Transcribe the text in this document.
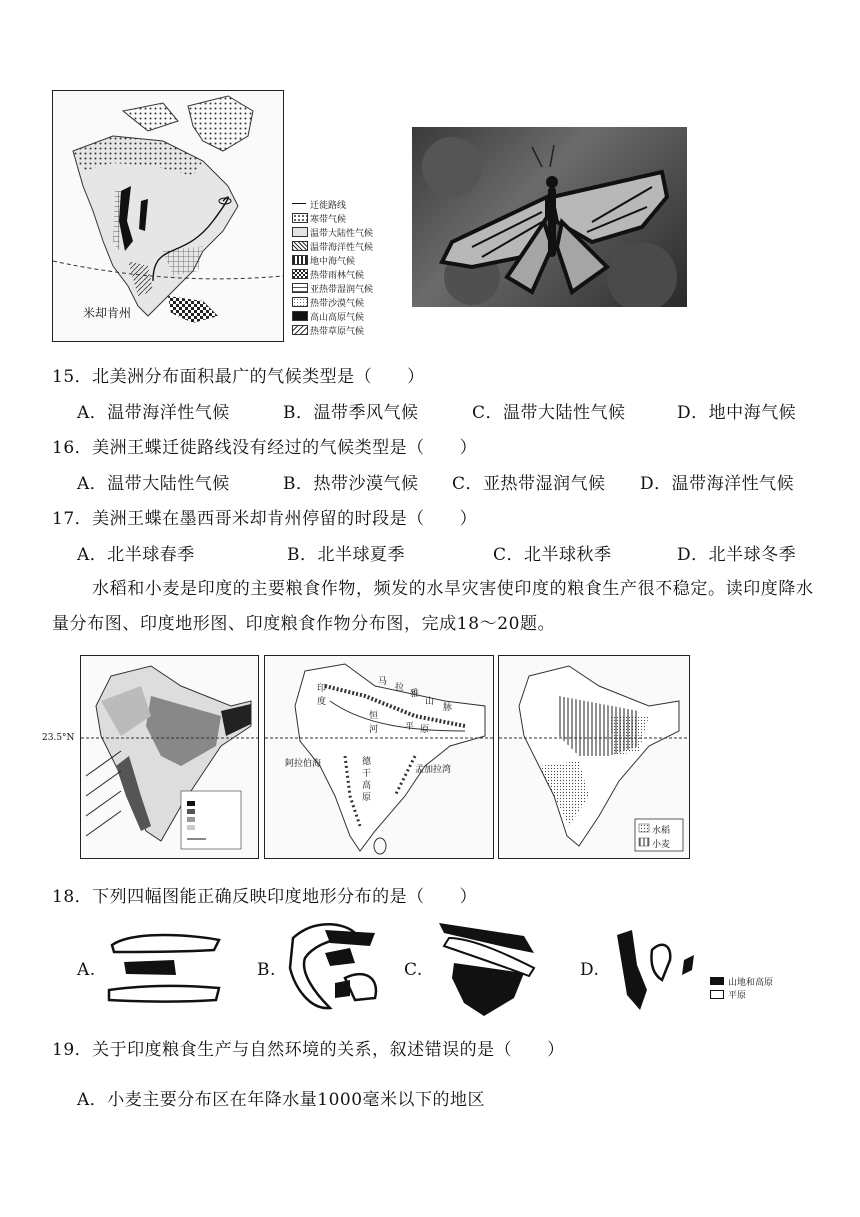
米却肯州
迁徙路线
寒带气候
温带大陆性气候
温带海洋性气候
地中海气候
热带雨林气候
亚热带湿润气候
热带沙漠气候
高山高原气候
热带草原气候
15．北美洲分布面积最广的气候类型是（　　）
A．温带海洋性气候	B．温带季风气候	C．温带大陆性气候	D．地中海气候
16．美洲王蝶迁徙路线没有经过的气候类型是（　　）
A．温带大陆性气候	B．热带沙漠气候 C．亚热带湿润气候 D．温带海洋性气候
17．美洲王蝶在墨西哥米却肯州停留的时段是（　　）
A．北半球春季	B．北半球夏季	C．北半球秋季	D．北半球冬季
水稻和小麦是印度的主要粮食作物，频发的水旱灾害使印度的粮食生产很不稳定。读印度降水量分布图、印度地形图、印度粮食作物分布图，完成18～20题。
23.5°N
印
度
马
拉
雅
山
脉
恒
河	平 原
阿拉伯海	德
干
高
原
孟加拉湾
水稻
小麦
18．下列四幅图能正确反映印度地形分布的是（　　）
A.	B.	C.	D.
山地和高原
平原
19．关于印度粮食生产与自然环境的关系，叙述错误的是（　　）
A．小麦主要分布区在年降水量1000毫米以下的地区
